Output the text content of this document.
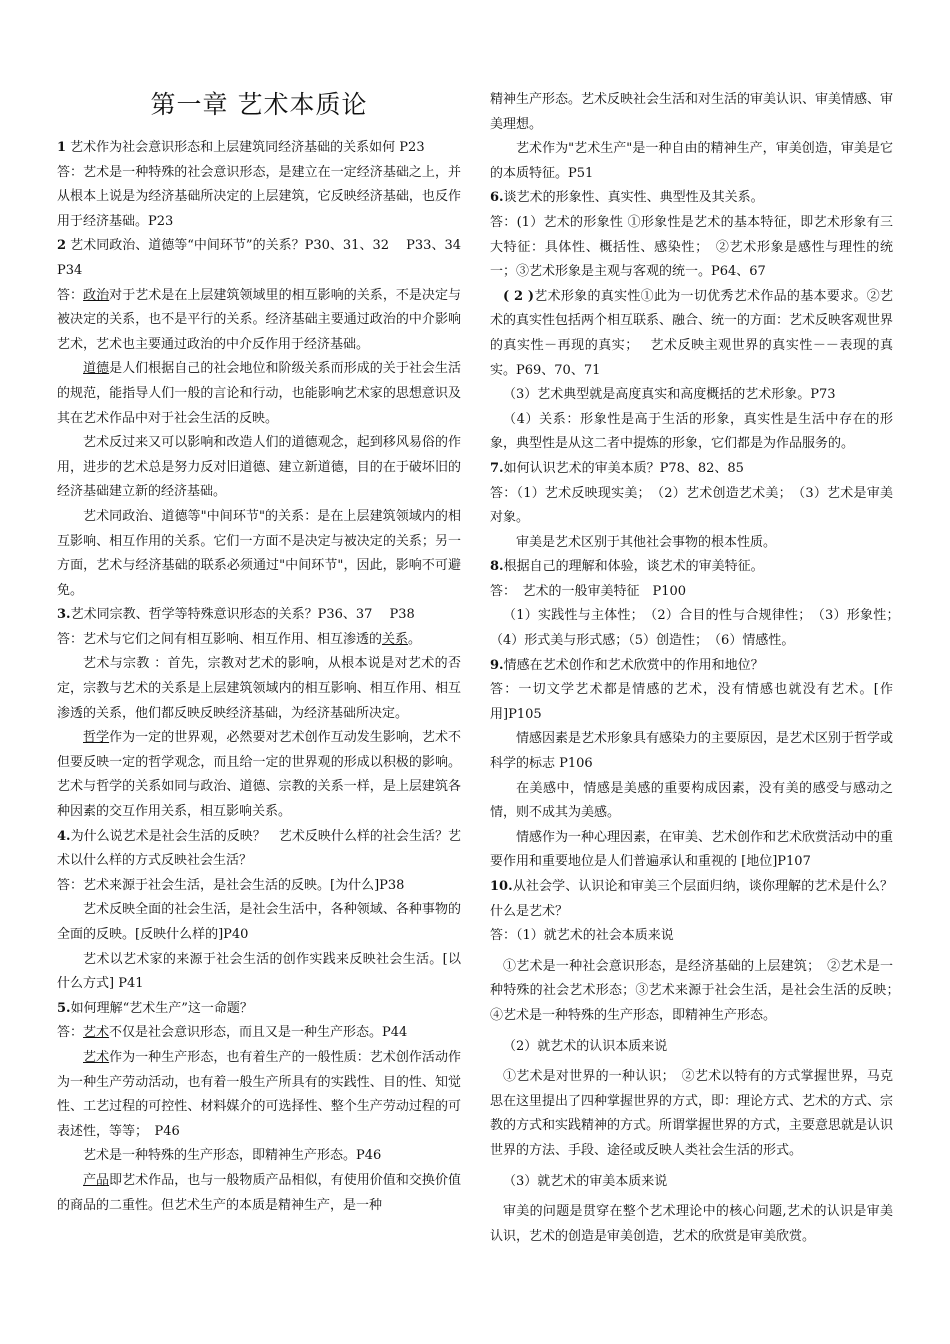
第一章 艺术本质论

1 艺术作为社会意识形态和上层建筑同经济基础的关系如何 P23

答：艺术是一种特殊的社会意识形态，是建立在一定经济基础之上，并从根本上说是为经济基础所决定的上层建筑，它反映经济基础，也反作用于经济基础。P23

2 艺术同政治、道德等“中间环节”的关系？P30、31、32　 P33、34　 P34

答：政治对于艺术是在上层建筑领域里的相互影响的关系，不是决定与被决定的关系，也不是平行的关系。经济基础主要通过政治的中介影响艺术，艺术也主要通过政治的中介反作用于经济基础。

道德是人们根据自己的社会地位和阶级关系而形成的关于社会生活的规范，能指导人们一般的言论和行动，也能影响艺术家的思想意识及其在艺术作品中对于社会生活的反映。

艺术反过来又可以影响和改造人们的道德观念，起到移风易俗的作用，进步的艺术总是努力反对旧道德、建立新道德，目的在于破坏旧的经济基础建立新的经济基础。

艺术同政治、道德等"中间环节"的关系：是在上层建筑领域内的相互影响、相互作用的关系。它们一方面不是决定与被决定的关系；另一方面，艺术与经济基础的联系必须通过"中间环节"，因此，影响不可避免。

3.艺术同宗教、哲学等特殊意识形态的关系？P36、37　 P38

答：艺术与它们之间有相互影响、相互作用、相互渗透的关系。

艺术与宗教 ：首先，宗教对艺术的影响，从根本说是对艺术的否定，宗教与艺术的关系是上层建筑领域内的相互影响、相互作用、相互渗透的关系，他们都反映反映经济基础，为经济基础所决定。

哲学作为一定的世界观，必然要对艺术创作互动发生影响，艺术不但要反映一定的哲学观念，而且给一定的世界观的形成以积极的影响。艺术与哲学的关系如同与政治、道德、宗教的关系一样，是上层建筑各种因素的交互作用关系，相互影响关系。

4.为什么说艺术是社会生活的反映？　艺术反映什么样的社会生活？艺术以什么样的方式反映社会生活？

答：艺术来源于社会生活，是社会生活的反映。[为什么]P38

艺术反映全面的社会生活，是社会生活中，各种领域、各种事物的全面的反映。[反映什么样的]P40

艺术以艺术家的来源于社会生活的创作实践来反映社会生活。[以什么方式] P41

5.如何理解“艺术生产”这一命题？

答：艺术不仅是社会意识形态，而且又是一种生产形态。P44

艺术作为一种生产形态，也有着生产的一般性质：艺术创作活动作为一种生产劳动活动，也有着一般生产所具有的实践性、目的性、知觉性、工艺过程的可控性、材料媒介的可选择性、整个生产劳动过程的可表述性，等等；　P46

艺术是一种特殊的生产形态，即精神生产形态。P46

产品即艺术作品，也与一般物质产品相似，有使用价值和交换价值的商品的二重性。但艺术生产的本质是精神生产，是一种

精神生产形态。艺术反映社会生活和对生活的审美认识、审美情感、审美理想。

艺术作为"艺术生产"是一种自由的精神生产，审美创造，审美是它的本质特征。P51

6.谈艺术的形象性、真实性、典型性及其关系。

答：(1）艺术的形象性 ①形象性是艺术的基本特征，即艺术形象有三大特征：具体性、概括性、感染性；　②艺术形象是感性与理性的统一；③艺术形象是主观与客观的统一。P64、67

( 2 )艺术形象的真实性①此为一切优秀艺术作品的基本要求。②艺术的真实性包括两个相互联系、融合、统一的方面：艺术反映客观世界的真实性－再现的真实；　 艺术反映主观世界的真实性－－表现的真实。P69、70、71

（3）艺术典型就是高度真实和高度概括的艺术形象。P73

（4）关系：形象性是高于生活的形象，真实性是生活中存在的形象，典型性是从这二者中提炼的形象，它们都是为作品服务的。

7.如何认识艺术的审美本质？P78、82、85

答：（1）艺术反映现实美；　（2）艺术创造艺术美；　（3）艺术是审美对象。

审美是艺术区别于其他社会事物的根本性质。

8.根据自己的理解和体验，谈艺术的审美特征。

答：　艺术的一般审美特征　P100

（1）实践性与主体性；　（2）合目的性与合规律性；　（3）形象性；　（4）形式美与形式感；（5）创造性；　（6）情感性。

9.情感在艺术创作和艺术欣赏中的作用和地位？

答：一切文学艺术都是情感的艺术，没有情感也就没有艺术。[作用]P105

情感因素是艺术形象具有感染力的主要原因，是艺术区别于哲学或科学的标志 P106

在美感中，情感是美感的重要构成因素，没有美的感受与感动之情，则不成其为美感。

情感作为一种心理因素，在审美、艺术创作和艺术欣赏活动中的重要作用和重要地位是人们普遍承认和重视的 [地位]P107

10.从社会学、认识论和审美三个层面归纳，谈你理解的艺术是什么？什么是艺术？

答：（1）就艺术的社会本质来说

①艺术是一种社会意识形态，是经济基础的上层建筑；　②艺术是一种特殊的社会艺术形态；③艺术来源于社会生活，是社会生活的反映；　④艺术是一种特殊的生产形态，即精神生产形态。

（2）就艺术的认识本质来说

①艺术是对世界的一种认识；　②艺术以特有的方式掌握世界，马克思在这里提出了四种掌握世界的方式，即：理论方式、艺术的方式、宗教的方式和实践精神的方式。所谓掌握世界的方式，主要意思就是认识世界的方法、手段、途径或反映人类社会生活的形式。

（3）就艺术的审美本质来说

审美的问题是贯穿在整个艺术理论中的核心问题,艺术的认识是审美认识，艺术的创造是审美创造，艺术的欣赏是审美欣赏。
